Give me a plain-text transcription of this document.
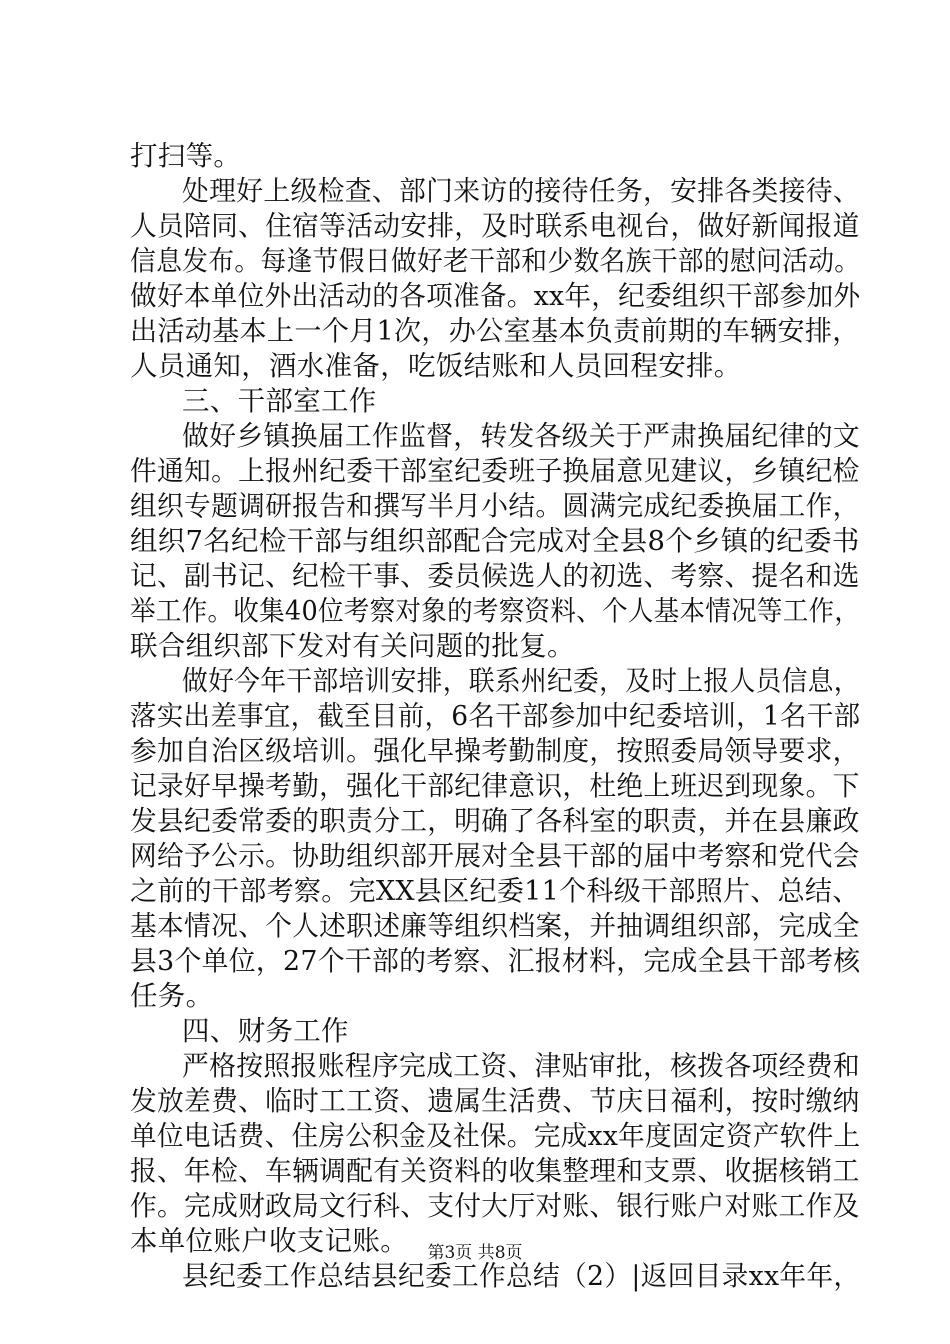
打扫等。
处理好上级检查、部门来访的接待任务，安排各类接待、
人员陪同、住宿等活动安排，及时联系电视台，做好新闻报道
信息发布。每逢节假日做好老干部和少数名族干部的慰问活动。
做好本单位外出活动的各项准备。xx年，纪委组织干部参加外
出活动基本上一个月1次，办公室基本负责前期的车辆安排，
人员通知，酒水准备，吃饭结账和人员回程安排。
三、干部室工作
做好乡镇换届工作监督，转发各级关于严肃换届纪律的文
件通知。上报州纪委干部室纪委班子换届意见建议，乡镇纪检
组织专题调研报告和撰写半月小结。圆满完成纪委换届工作，
组织7名纪检干部与组织部配合完成对全县8个乡镇的纪委书
记、副书记、纪检干事、委员候选人的初选、考察、提名和选
举工作。收集40位考察对象的考察资料、个人基本情况等工作，
联合组织部下发对有关问题的批复。
做好今年干部培训安排，联系州纪委，及时上报人员信息，
落实出差事宜，截至目前，6名干部参加中纪委培训，1名干部
参加自治区级培训。强化早操考勤制度，按照委局领导要求，
记录好早操考勤，强化干部纪律意识，杜绝上班迟到现象。下
发县纪委常委的职责分工，明确了各科室的职责，并在县廉政
网给予公示。协助组织部开展对全县干部的届中考察和党代会
之前的干部考察。完XX县区纪委11个科级干部照片、总结、
基本情况、个人述职述廉等组织档案，并抽调组织部，完成全
县3个单位，27个干部的考察、汇报材料，完成全县干部考核
任务。
四、财务工作
严格按照报账程序完成工资、津贴审批，核拨各项经费和
发放差费、临时工工资、遗属生活费、节庆日福利，按时缴纳
单位电话费、住房公积金及社保。完成xx年度固定资产软件上
报、年检、车辆调配有关资料的收集整理和支票、收据核销工
作。完成财政局文行科、支付大厅对账、银行账户对账工作及
本单位账户收支记账。
县纪委工作总结县纪委工作总结（2）|返回目录xx年年，
第3页 共8页
